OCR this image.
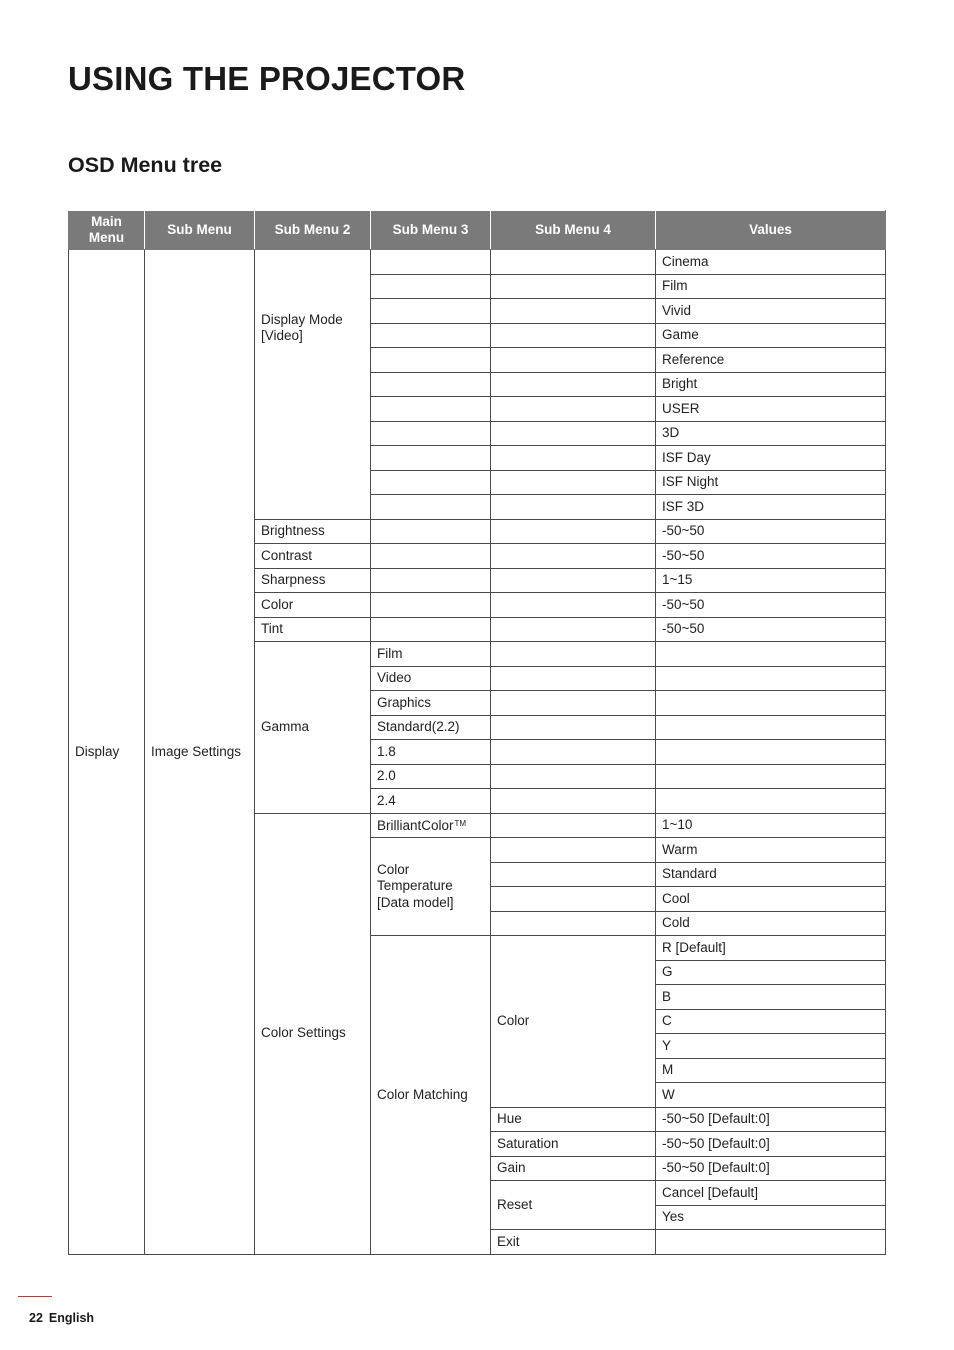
USING THE PROJECTOR
OSD Menu tree
Main Menu	Sub Menu	Sub Menu 2	Sub Menu 3	Sub Menu 4	Values
Display	Image Settings	Display Mode [Video]			Cinema
					Film
					Vivid
					Game
					Reference
					Bright
					USER
					3D
					ISF Day
					ISF Night
					ISF 3D
		Brightness			-50~50
		Contrast			-50~50
		Sharpness			1~15
		Color			-50~50
		Tint			-50~50
		Gamma	Film		
			Video		
			Graphics		
			Standard(2.2)		
			1.8		
			2.0		
			2.4		
		Color Settings	BrilliantColor™		1~10
			Color Temperature [Data model]		Warm
					Standard
					Cool
					Cold
			Color Matching	Color	R [Default]
					G
					B
					C
					Y
					M
					W
				Hue	-50~50 [Default:0]
				Saturation	-50~50 [Default:0]
				Gain	-50~50 [Default:0]
				Reset	Cancel [Default]
					Yes
				Exit	
22 English
